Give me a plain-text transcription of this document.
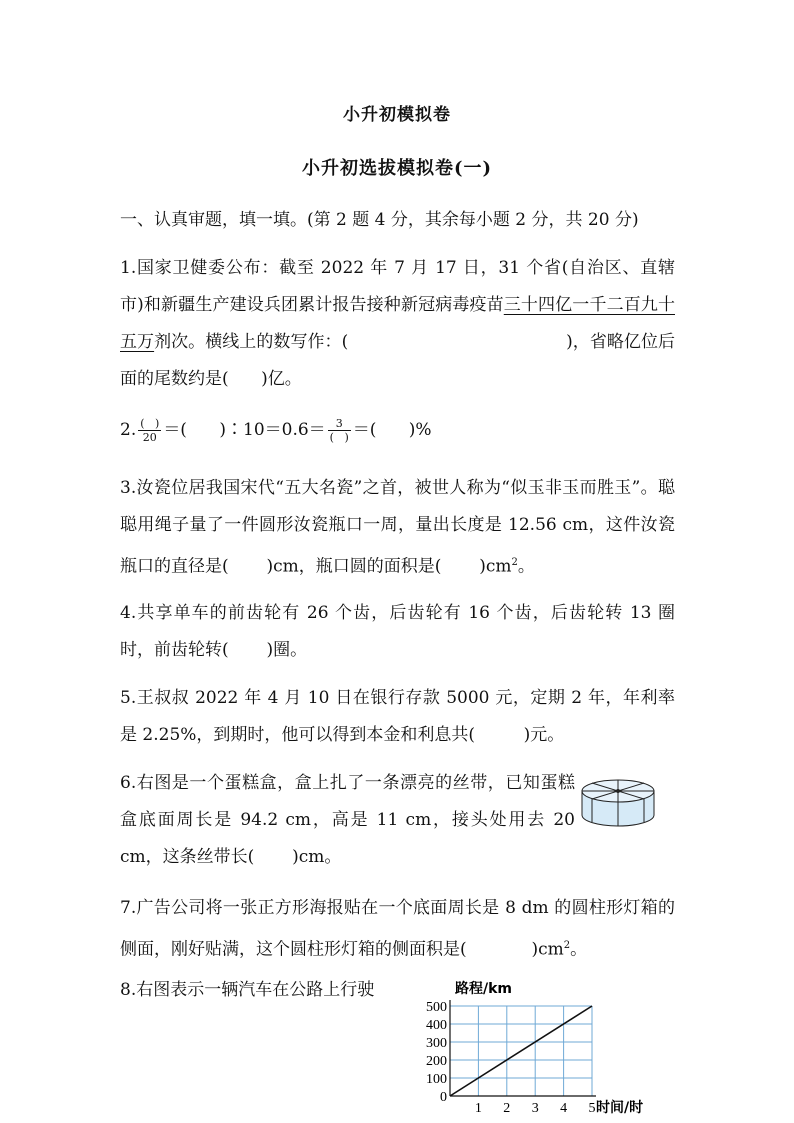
小升初模拟卷
小升初选拔模拟卷(一)
一、认真审题，填一填。(第 2 题 4 分，其余每小题 2 分，共 20 分)
1.国家卫健委公布：截至 2022 年 7 月 17 日，31 个省(自治区、直辖市)和新疆生产建设兵团累计报告接种新冠病毒疫苗三十四亿一千二百九十五万剂次。横线上的数写作：(	)，省略亿位后面的尾数约是( )亿。
2. $\frac{( )}{20}$ ＝(      )∶10＝0.6＝ $\frac{3}{( )}$ ＝(      )%
3.汝瓷位居我国宋代“五大名瓷”之首，被世人称为“似玉非玉而胜玉”。聪聪用绳子量了一件圆形汝瓷瓶口一周，量出长度是 12.56 cm，这件汝瓷瓶口的直径是( )cm，瓶口圆的面积是( )$cm^2$。
4.共享单车的前齿轮有 26 个齿，后齿轮有 16 个齿，后齿轮转 13 圈时，前齿轮转(       )圈。
5.王叔叔 2022 年 4 月 10 日在银行存款 5000 元，定期 2 年，年利率是 2.25%，到期时，他可以得到本金和利息共(         )元。
6.右图是一个蛋糕盒，盒上扎了一条漂亮的丝带，已知蛋糕盒底面周长是 94.2 cm，高是 11 cm，接头处用去 20 cm，这条丝带长(       )cm。
7.广告公司将一张正方形海报贴在一个底面周长是 8 dm 的圆柱形灯箱的侧面，刚好贴满，这个圆柱形灯箱的侧面积是(            )$cm^2$。
8.右图表示一辆汽车在公路上行驶
0
100
200
300
400
500
1 2 3 4 5
路程/km
时间/时
